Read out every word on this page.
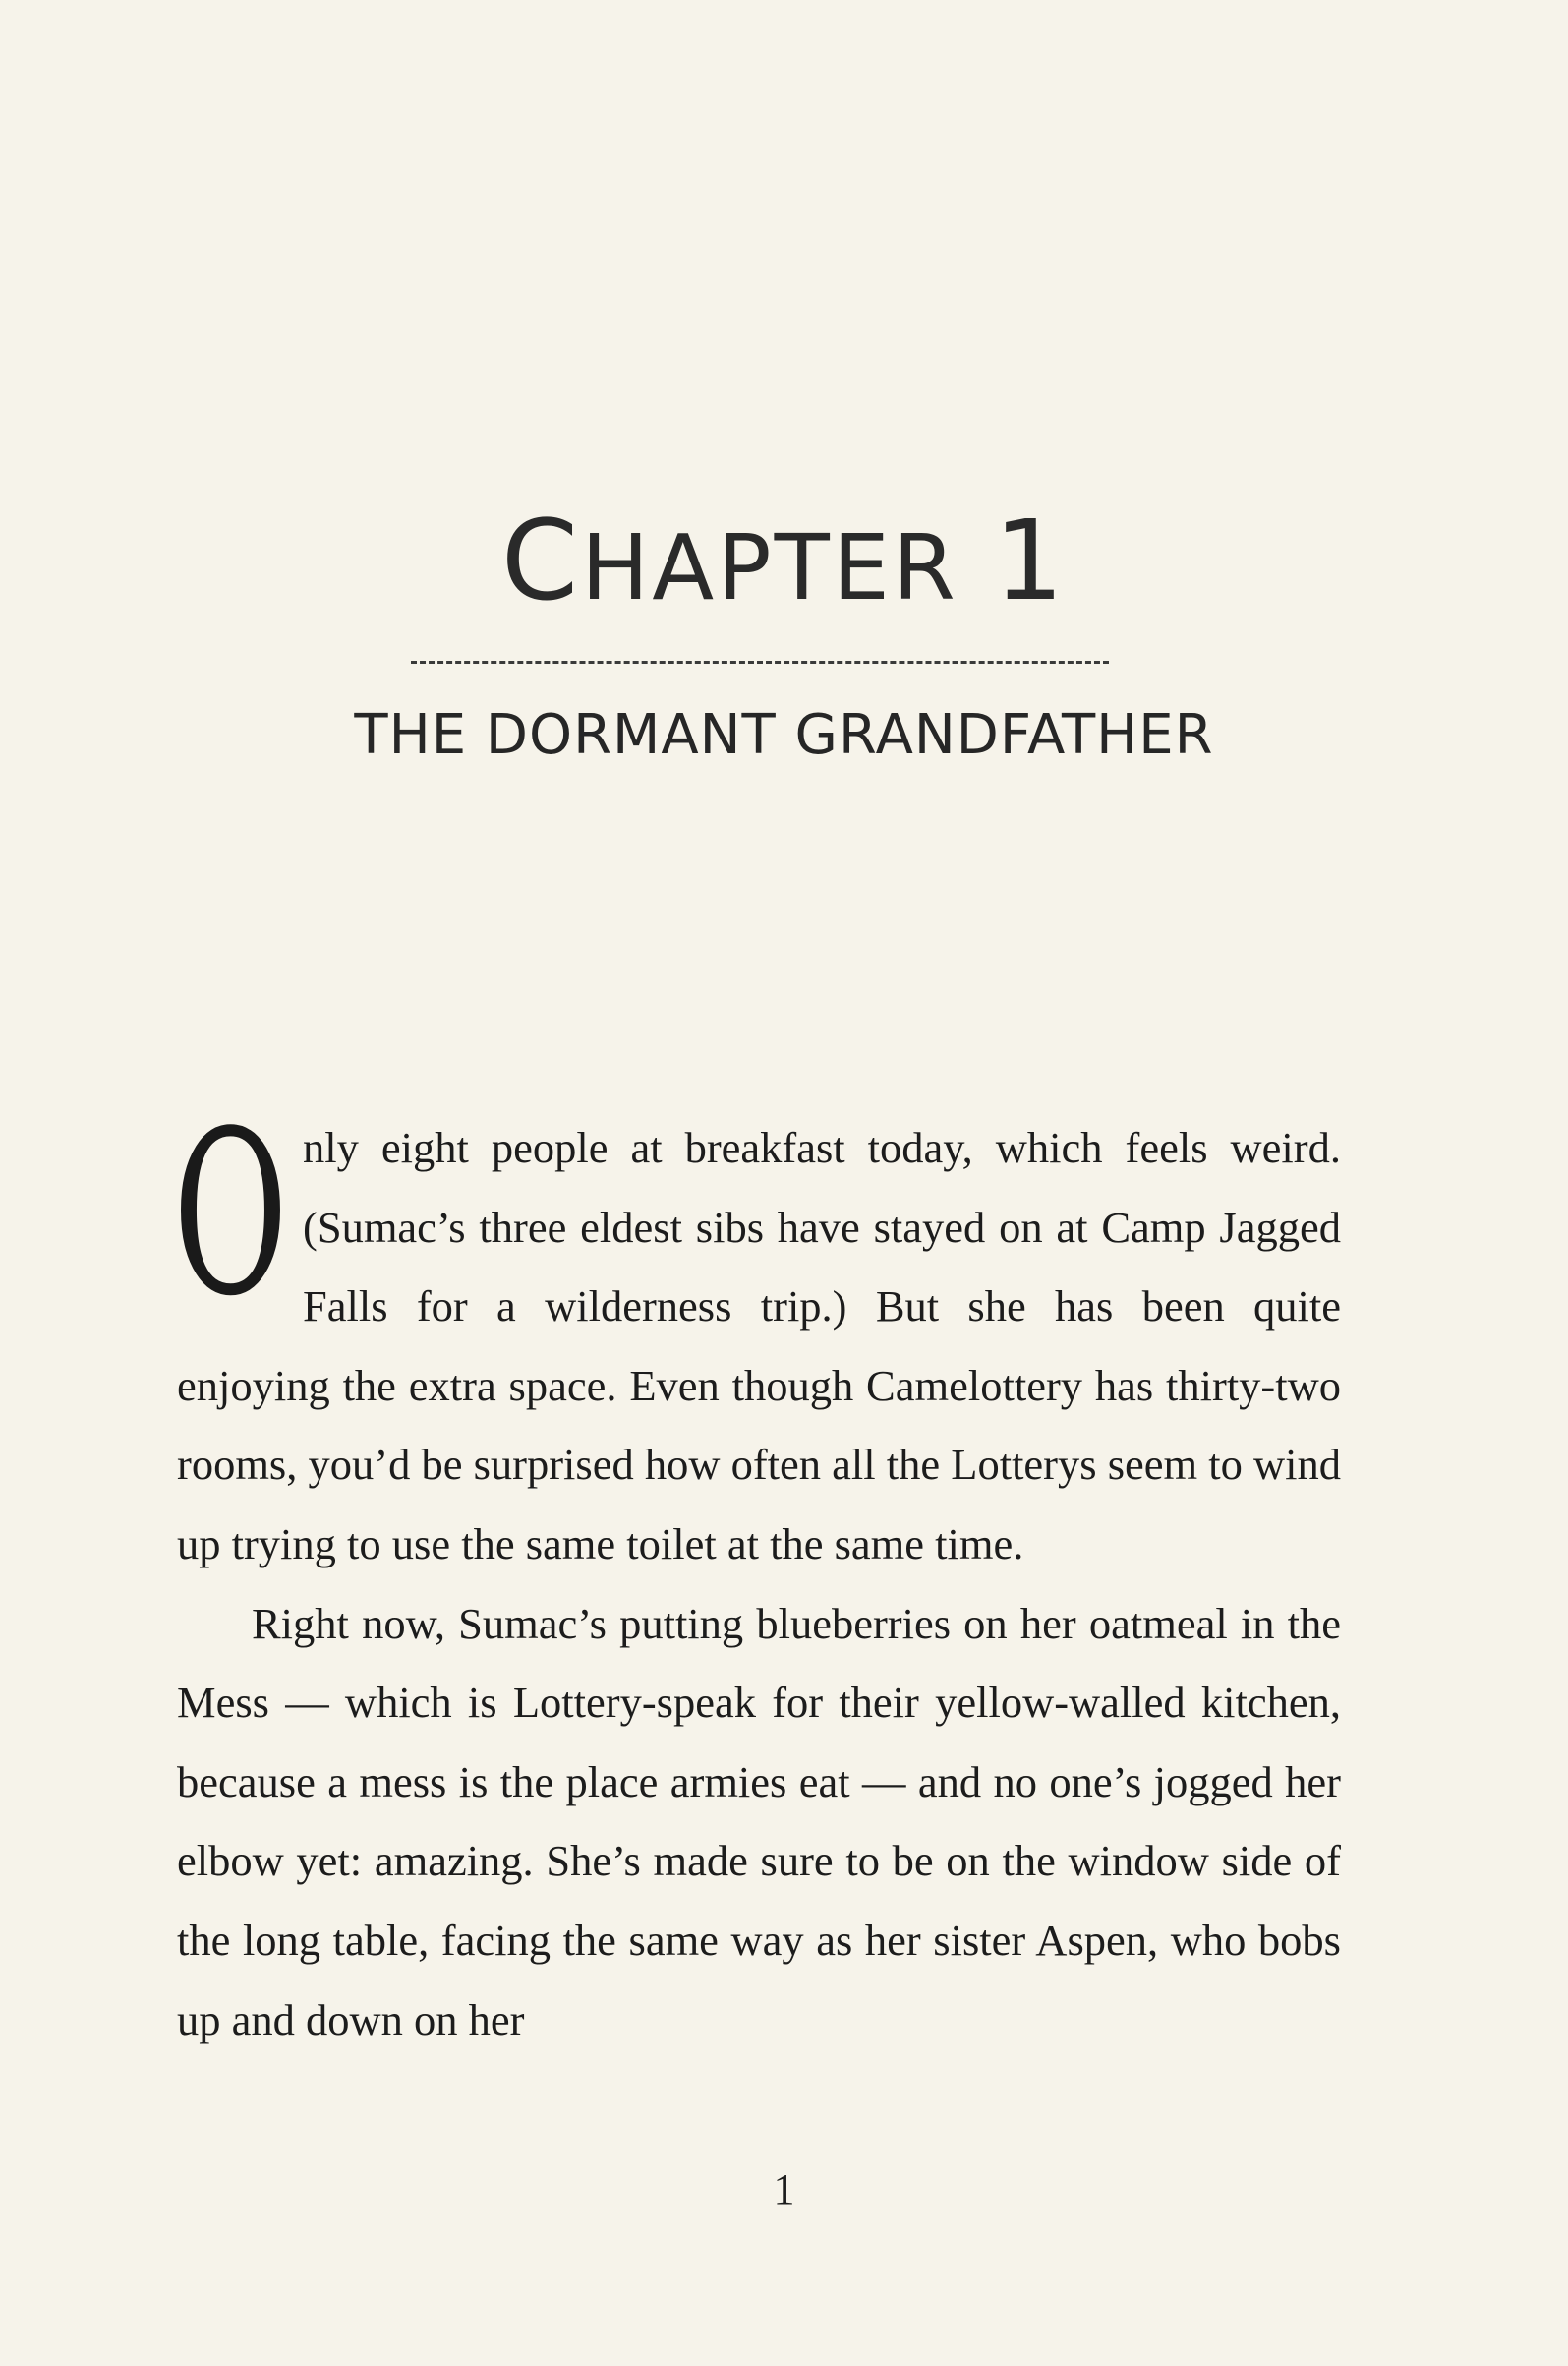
CHAPTER 1
THE DORMANT GRANDFATHER

Only eight people at breakfast today, which feels weird. (Sumac’s three eldest sibs have stayed on at Camp Jagged Falls for a wilderness trip.) But she has been quite enjoying the extra space. Even though Camelottery has thirty-two rooms, you’d be surprised how often all the Lotterys seem to wind up trying to use the same toilet at the same time.

Right now, Sumac’s putting blueberries on her oatmeal in the Mess — which is Lottery-speak for their yellow-walled kitchen, because a mess is the place armies eat — and no one’s jogged her elbow yet: amazing. She’s made sure to be on the window side of the long table, facing the same way as her sister Aspen, who bobs up and down on her

1
